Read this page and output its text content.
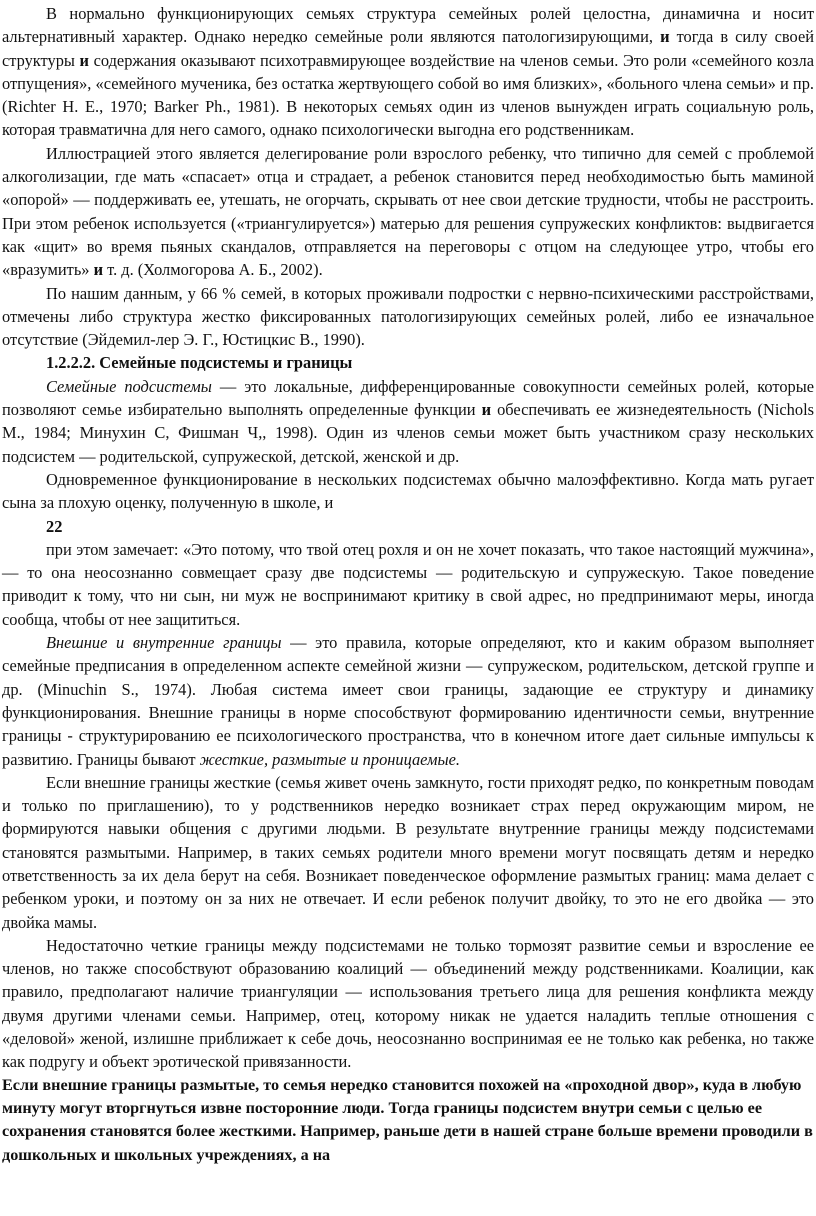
В нормально функционирующих семьях структура семейных ролей целостна, динамична и носит альтернативный характер. Однако нередко семейные роли являются патологизирующими, и тогда в силу своей структуры и содержания оказывают психотравмирующее воздействие на членов семьи. Это роли «семейного козла отпущения», «семейного мученика, без остатка жертвующего собой во имя близких», «больного члена семьи» и пр. (Richter H. E., 1970; Barker Ph., 1981). В некоторых семьях один из членов вынужден играть социальную роль, которая травматична для него самого, однако психологически выгодна его родственникам.

Иллюстрацией этого является делегирование роли взрослого ребенку, что типично для семей с проблемой алкоголизации, где мать «спасает» отца и страдает, а ребенок становится перед необходимостью быть маминой «опорой» — поддерживать ее, утешать, не огорчать, скрывать от нее свои детские трудности, чтобы не расстроить. При этом ребенок используется («триангулируется») матерью для решения супружеских конфликтов: выдвигается как «щит» во время пьяных скандалов, отправляется на переговоры с отцом на следующее утро, чтобы его «вразумить» и т. д. (Холмогорова А. Б., 2002).

По нашим данным, у 66 % семей, в которых проживали подростки с нервно-психическими расстройствами, отмечены либо структура жестко фиксированных патологизирующих семейных ролей, либо ее изначальное отсутствие (Эйдемил-лер Э. Г., Юстицкис В., 1990).

1.2.2.2. Семейные подсистемы и границы

Семейные подсистемы — это локальные, дифференцированные совокупности семейных ролей, которые позволяют семье избирательно выполнять определенные функции и обеспечивать ее жизнедеятельность (Nichols M., 1984; Минухин С, Фишман Ч,, 1998). Один из членов семьи может быть участником сразу нескольких подсистем — родительской, супружеской, детской, женской и др.

Одновременное функционирование в нескольких подсистемах обычно малоэффективно. Когда мать ругает сына за плохую оценку, полученную в школе, и

22

при этом замечает: «Это потому, что твой отец рохля и он не хочет показать, что такое настоящий мужчина», — то она неосознанно совмещает сразу две подсистемы — родительскую и супружескую. Такое поведение приводит к тому, что ни сын, ни муж не воспринимают критику в свой адрес, но предпринимают меры, иногда сообща, чтобы от нее защититься.

Внешние и внутренние границы — это правила, которые определяют, кто и каким образом выполняет семейные предписания в определенном аспекте семейной жизни — супружеском, родительском, детской группе и др. (Minuchin S., 1974). Любая система имеет свои границы, задающие ее структуру и динамику функционирования. Внешние границы в норме способствуют формированию идентичности семьи, внутренние границы - структурированию ее психологического пространства, что в конечном итоге дает сильные импульсы к развитию. Границы бывают жесткие, размытые и проницаемые.

Если внешние границы жесткие (семья живет очень замкнуто, гости приходят редко, по конкретным поводам и только по приглашению), то у родственников нередко возникает страх перед окружающим миром, не формируются навыки общения с другими людьми. В результате внутренние границы между подсистемами становятся размытыми. Например, в таких семьях родители много времени могут посвящать детям и нередко ответственность за их дела берут на себя. Возникает поведенческое оформление размытых границ: мама делает с ребенком уроки, и поэтому он за них не отвечает. И если ребенок получит двойку, то это не его двойка — это двойка мамы.

Недостаточно четкие границы между подсистемами не только тормозят развитие семьи и взросление ее членов, но также способствуют образованию коалиций — объединений между родственниками. Коалиции, как правило, предполагают наличие триангуляции — использования третьего лица для решения конфликта между двумя другими членами семьи. Например, отец, которому никак не удается наладить теплые отношения с «деловой» женой, излишне приближает к себе дочь, неосознанно воспринимая ее не только как ребенка, но также как подругу и объект эротической привязанности.

Если внешние границы размытые, то семья нередко становится похожей на «проходной двор», куда в любую минуту могут вторгнуться извне посторонние люди. Тогда границы подсистем внутри семьи с целью ее сохранения становятся более жесткими. Например, раньше дети в нашей стране больше времени проводили в дошкольных и школьных учреждениях, а на
